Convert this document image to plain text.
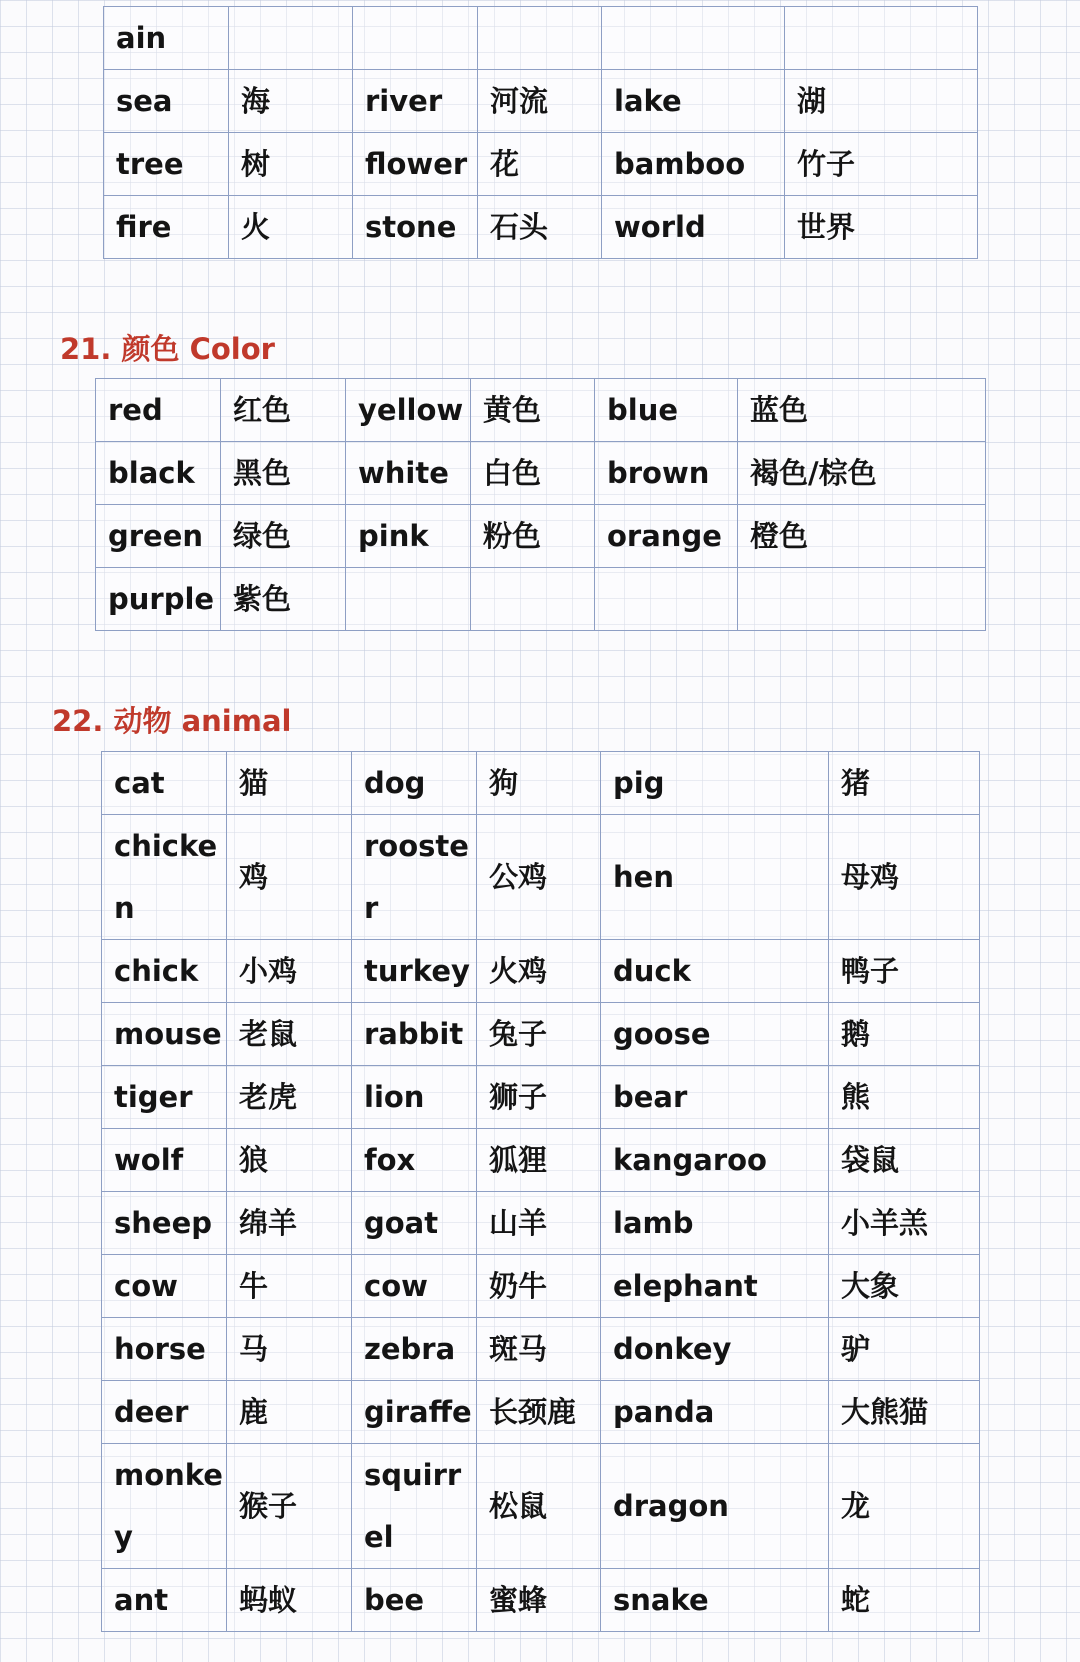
ain					
sea	海	river	河流	lake	湖
tree	树	flower	花	bamboo	竹子
fire	火	stone	石头	world	世界
21. 颜色 Color
red	红色	yellow	黄色	blue	蓝色
black	黑色	white	白色	brown	褐色/棕色
green	绿色	pink	粉色	orange	橙色
purple	紫色				
22. 动物 animal
cat	猫	dog	狗	pig	猪
chicken	鸡	rooster	公鸡	hen	母鸡
chick	小鸡	turkey	火鸡	duck	鸭子
mouse	老鼠	rabbit	兔子	goose	鹅
tiger	老虎	lion	狮子	bear	熊
wolf	狼	fox	狐狸	kangaroo	袋鼠
sheep	绵羊	goat	山羊	lamb	小羊羔
cow	牛	cow	奶牛	elephant	大象
horse	马	zebra	斑马	donkey	驴
deer	鹿	giraffe	长颈鹿	panda	大熊猫
monkey	猴子	squirrel	松鼠	dragon	龙
ant	蚂蚁	bee	蜜蜂	snake	蛇
